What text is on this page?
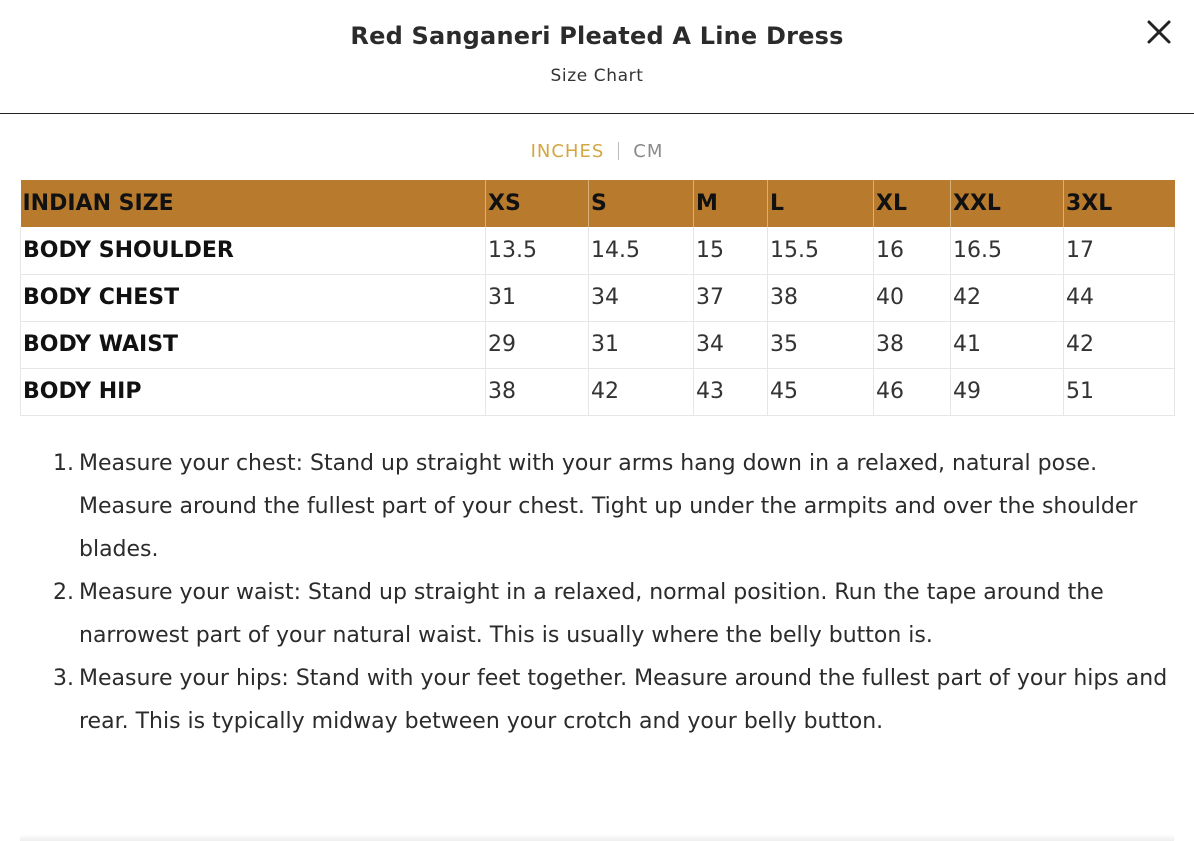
Red Sanganeri Pleated A Line Dress
Size Chart
INCHES CM
INDIAN SIZE	XS	S	M	L	XL	XXL	3XL
BODY SHOULDER	13.5	14.5	15	15.5	16	16.5	17
BODY CHEST	31	34	37	38	40	42	44
BODY WAIST	29	31	34	35	38	41	42
BODY HIP	38	42	43	45	46	49	51
1. Measure your chest: Stand up straight with your arms hang down in a relaxed, natural pose. Measure around the fullest part of your chest. Tight up under the armpits and over the shoulder blades.
2. Measure your waist: Stand up straight in a relaxed, normal position. Run the tape around the narrowest part of your natural waist. This is usually where the belly button is.
3. Measure your hips: Stand with your feet together. Measure around the fullest part of your hips and rear. This is typically midway between your crotch and your belly button.
